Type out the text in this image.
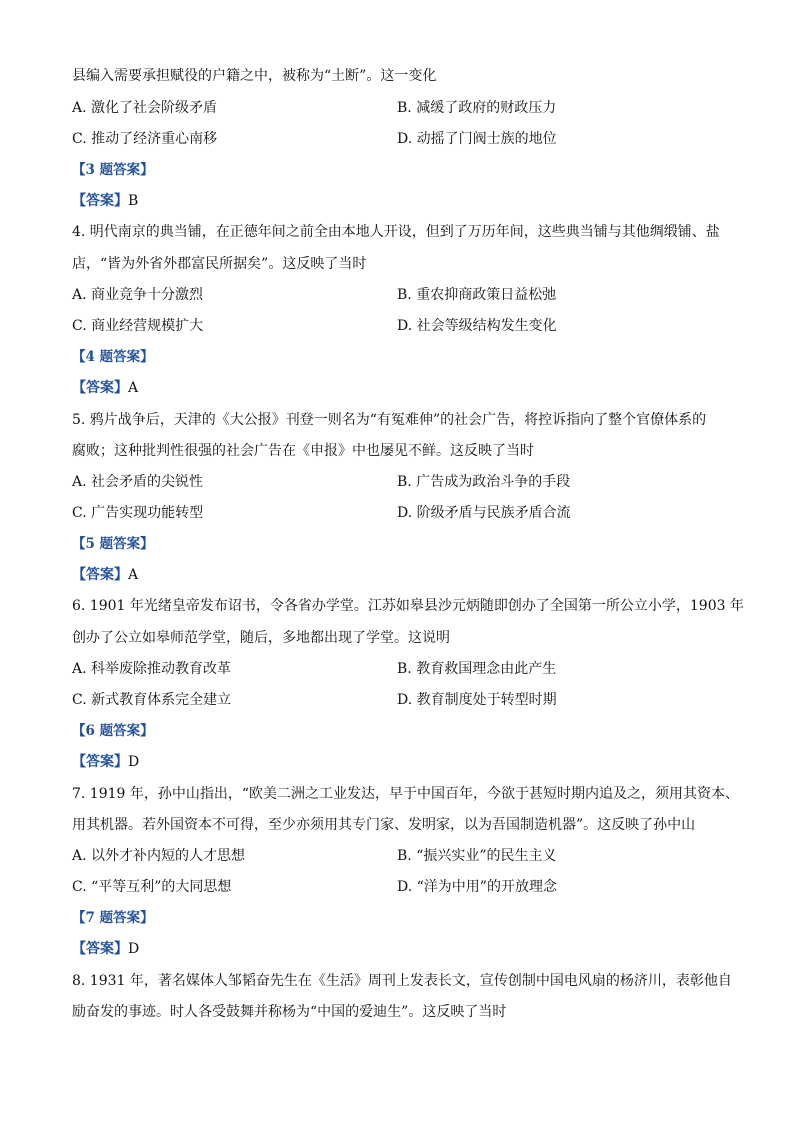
县编入需要承担赋役的户籍之中，被称为“土断”。这一变化
A. 激化了社会阶级矛盾	B. 减缓了政府的财政压力
C. 推动了经济重心南移	D. 动摇了门阀士族的地位
【3 题答案】
【答案】B
4. 明代南京的典当铺，在正德年间之前全由本地人开设，但到了万历年间，这些典当铺与其他绸缎铺、盐
店，“皆为外省外郡富民所据矣”。这反映了当时
A. 商业竞争十分激烈	B. 重农抑商政策日益松弛
C. 商业经营规模扩大	D. 社会等级结构发生变化
【4 题答案】
【答案】A
5. 鸦片战争后，天津的《大公报》刊登一则名为“有冤难伸”的社会广告，将控诉指向了整个官僚体系的
腐败；这种批判性很强的社会广告在《申报》中也屡见不鲜。这反映了当时
A. 社会矛盾的尖锐性	B. 广告成为政治斗争的手段
C. 广告实现功能转型	D. 阶级矛盾与民族矛盾合流
【5 题答案】
【答案】A
6. 1901 年光绪皇帝发布诏书，令各省办学堂。江苏如皋县沙元炳随即创办了全国第一所公立小学，1903 年
创办了公立如皋师范学堂，随后，多地都出现了学堂。这说明
A. 科举废除推动教育改革	B. 教育救国理念由此产生
C. 新式教育体系完全建立	D. 教育制度处于转型时期
【6 题答案】
【答案】D
7. 1919 年，孙中山指出，“欧美二洲之工业发达，早于中国百年，今欲于甚短时期内追及之，须用其资本、
用其机器。若外国资本不可得，至少亦须用其专门家、发明家，以为吾国制造机器”。这反映了孙中山
A. 以外才补内短的人才思想	B. “振兴实业”的民生主义
C. “平等互利”的大同思想	D. “洋为中用”的开放理念
【7 题答案】
【答案】D
8. 1931 年，著名媒体人邹韬奋先生在《生活》周刊上发表长文，宣传创制中国电风扇的杨济川，表彰他自
励奋发的事迹。时人各受鼓舞并称杨为“中国的爱迪生”。这反映了当时
